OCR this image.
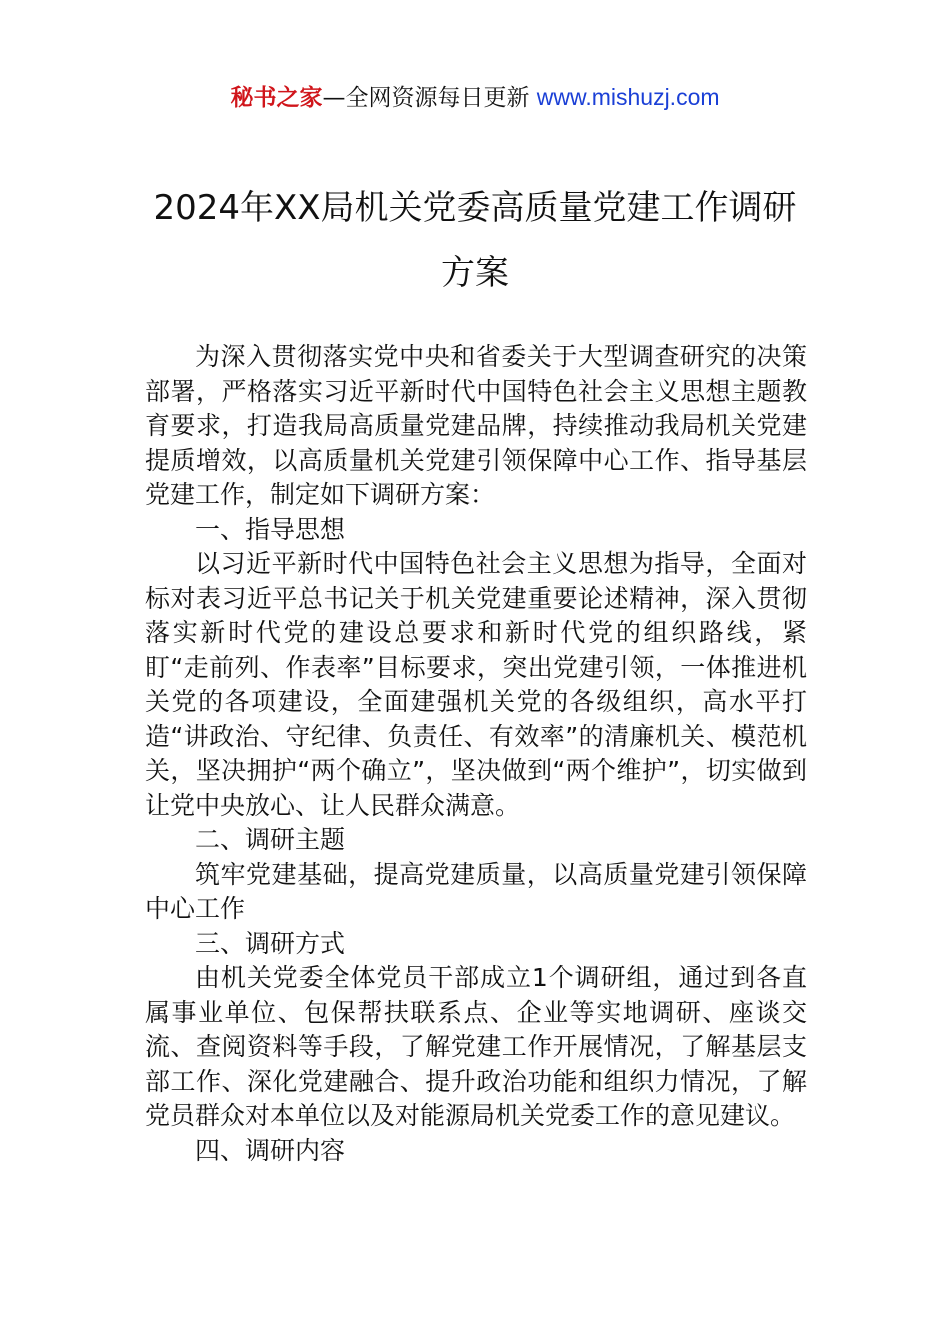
秘书之家—全网资源每日更新 www.mishuzj.com
2024年XX局机关党委高质量党建工作调研方案

为深入贯彻落实党中央和省委关于大型调查研究的决策部署，严格落实习近平新时代中国特色社会主义思想主题教育要求，打造我局高质量党建品牌，持续推动我局机关党建提质增效，以高质量机关党建引领保障中心工作、指导基层党建工作，制定如下调研方案：

一、指导思想

以习近平新时代中国特色社会主义思想为指导，全面对标对表习近平总书记关于机关党建重要论述精神，深入贯彻落实新时代党的建设总要求和新时代党的组织路线，紧盯“走前列、作表率”目标要求，突出党建引领，一体推进机关党的各项建设，全面建强机关党的各级组织，高水平打造“讲政治、守纪律、负责任、有效率”的清廉机关、模范机关，坚决拥护“两个确立”，坚决做到“两个维护”，切实做到让党中央放心、让人民群众满意。

二、调研主题

筑牢党建基础，提高党建质量，以高质量党建引领保障中心工作

三、调研方式

由机关党委全体党员干部成立1个调研组，通过到各直属事业单位、包保帮扶联系点、企业等实地调研、座谈交流、查阅资料等手段，了解党建工作开展情况，了解基层支部工作、深化党建融合、提升政治功能和组织力情况，了解党员群众对本单位以及对能源局机关党委工作的意见建议。

四、调研内容
